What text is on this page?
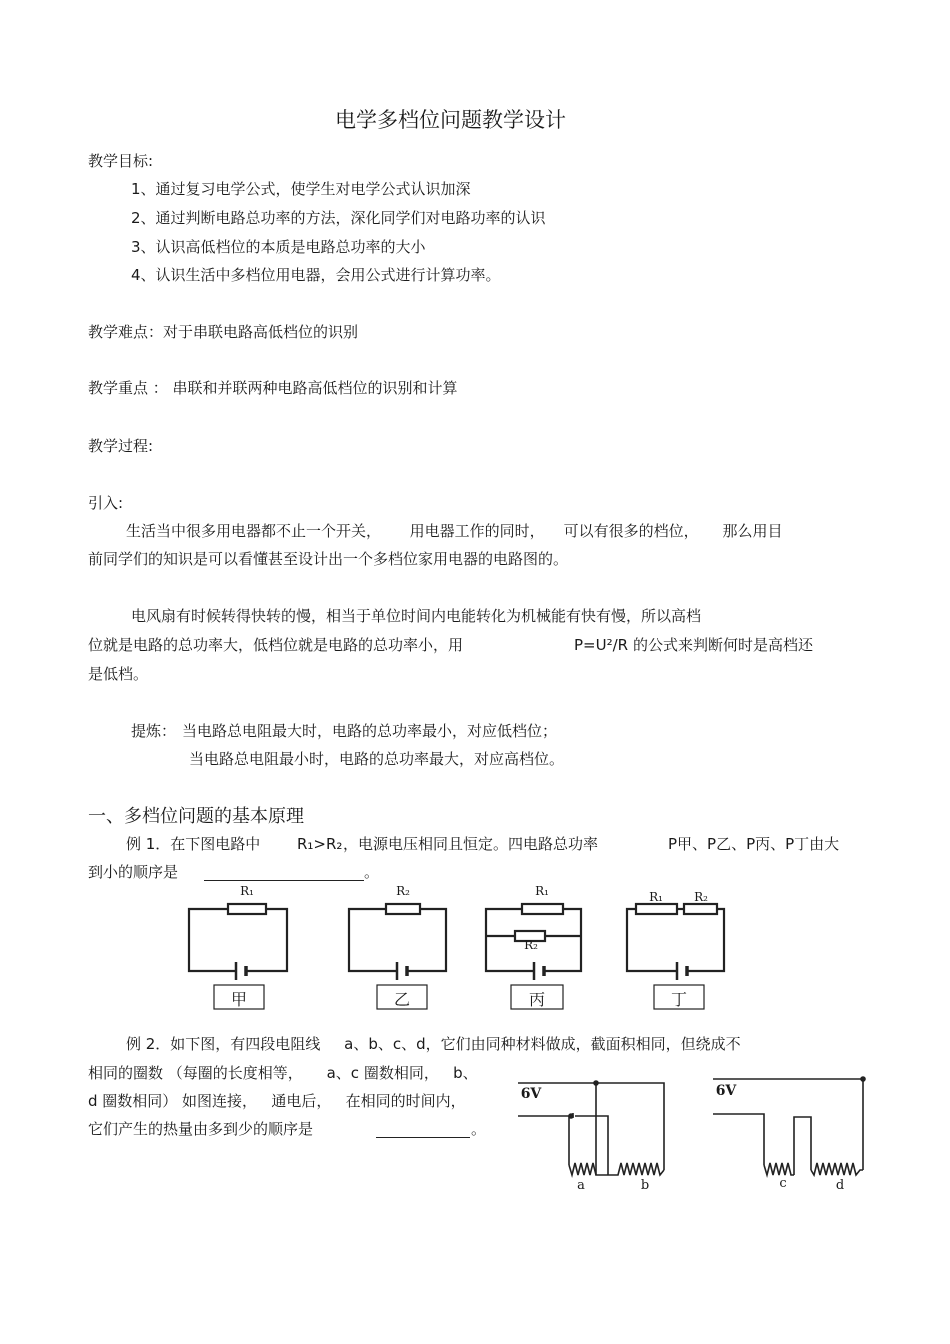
电学多档位问题教学设计
教学目标:
1、通过复习电学公式，使学生对电学公式认识加深
2、通过判断电路总功率的方法，深化同学们对电路功率的认识
3、认识高低档位的本质是电路总功率的大小
4、认识生活中多档位用电器，会用公式进行计算功率。
教学难点：对于串联电路高低档位的识别
教学重点 ： 串联和并联两种电路高低档位的识别和计算
教学过程:
引入:
生活当中很多用电器都不止一个开关，      用电器工作的同时，    可以有很多的档位，     那么用目
前同学们的知识是可以看懂甚至设计出一个多档位家用电器的电路图的。
电风扇有时候转得快转的慢，相当于单位时间内电能转化为机械能有快有慢，所以高档
位就是电路的总功率大，低档位就是电路的总功率小，用	P=U²/R 的公式来判断何时是高档还
是低档。
提炼： 当电路总电阻最大时，电路的总功率最小，对应低档位；
当电路总电阻最小时，电路的总功率最大，对应高档位。
一、多档位问题的基本原理
例 1．在下图电路中 R₁>R₂ ，电源电压相同且恒定。四电路总功率	P甲、P乙、P丙、P丁由大
到小的顺序是	。
R₁	R₂	R₁
R₂
R₁	R₂
甲	乙	丙	丁
例 2．如下图，有四段电阻线     a、b、c、d，它们由同种材料做成，截面积相同，但绕成不
相同的圈数 （每圈的长度相等，     a、c 圈数相同，   b、
d 圈数相同） 如图连接，   通电后，   在相同的时间内，
它们产生的热量由多到少的顺序是	。
6V	6V
a	b	c	d
